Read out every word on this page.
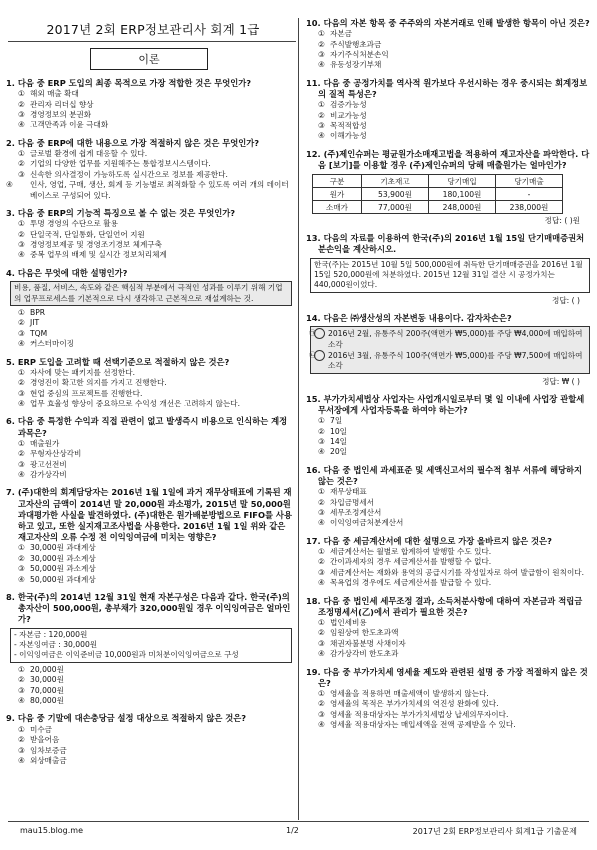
2017년 2회 ERP정보관리사 회계 1급
이론
1. 다음 중 ERP 도입의 최종 목적으로 가장 적합한 것은 무엇인가?
① 해외 매출 확대
② 관리자 리더십 향상
③ 경영정보의 분권화
④ 고객만족과 이윤 극대화
2. 다음 중 ERP에 대한 내용으로 가장 적절하지 않은 것은 무엇인가?
① 글로벌 환경에 쉽게 대응할 수 있다.
② 기업의 다양한 업무를 지원해주는 통합정보시스템이다.
③ 신속한 의사결정이 가능하도록 실시간으로 정보를 제공한다.
④ 인사, 영업, 구매, 생산, 회계 등 기능별로 최적화할 수 있도록 여러 개의 데이터베이스로 구성되어 있다.
3. 다음 중 ERP의 기능적 특징으로 볼 수 없는 것은 무엇인가?
① 투명 경영의 수단으로 활용
② 단일국적, 단일통화, 단일언어 지원
③ 경영정보제공 및 경영조기경보 체계구축
④ 중복 업무의 배제 및 실시간 정보처리체계
4. 다음은 무엇에 대한 설명인가?
비용, 품질, 서비스, 속도와 같은 핵심적 부분에서 극적인 성과를 이루기 위해 기업의 업무프로세스를 기본적으로 다시 생각하고 근본적으로 재설계하는 것.
① BPR
② JIT
③ TQM
④ 커스터마이징
5. ERP 도입을 고려할 때 선택기준으로 적절하지 않은 것은?
① 자사에 맞는 패키지를 선정한다.
② 경영진이 확고한 의지를 가지고 진행한다.
③ 현업 중심의 프로젝트를 진행한다.
④ 업무 효율성 향상이 중요하므로 수익성 개선은 고려하지 않는다.
6. 다음 중 특정한 수익과 직접 관련이 없고 발생즉시 비용으로 인식하는 계정과목은?
① 매출원가
② 무형자산상각비
③ 광고선전비
④ 감가상각비
7. (주)대한의 회계담당자는 2016년 1월 1일에 과거 재무상태표에 기록된 재고자산의 금액이 2014년 말 20,000원 과소평가, 2015년 말 50,000원 과대평가한 사실을 발견하였다. (주)대한은 원가배분방법으로 FIFO를 사용하고 있고, 또한 실지재고조사법을 사용한다. 2016년 1월 1일 위와 같은 재고자산의 오류 수정 전 이익잉여금에 미치는 영향은?
① 30,000원 과대계상
② 30,000원 과소계상
③ 50,000원 과소계상
④ 50,000원 과대계상
8. 한국(주)의 2014년 12월 31일 현재 자본구성은 다음과 같다. 한국(주)의 총자산이 500,000원, 총부채가 320,000원일 경우 이익잉여금은 얼마인가?
- 자본금 : 120,000원
- 자본잉여금 : 30,000원
- 이익잉여금은 이익준비금 10,000원과 미처분이익잉여금으로 구성
① 20,000원
② 30,000원
③ 70,000원
④ 80,000원
9. 다음 중 기말에 대손충당금 설정 대상으로 적절하지 않은 것은?
① 미수금
② 받을어음
③ 임차보증금
④ 외상매출금
10. 다음의 자본 항목 중 주주와의 자본거래로 인해 발생한 항목이 아닌 것은?
① 자본금
② 주식발행초과금
③ 자기주식처분손익
④ 유동성장기부채
11. 다음 중 공정가치를 역사적 원가보다 우선시하는 경우 중시되는 회계정보의 질적 특성은?
① 검증가능성
② 비교가능성
③ 목적적합성
④ 이해가능성
12. (주)제인슈퍼는 평균원가소매재고법을 적용하여 재고자산을 파악한다. 다음 [보기]를 이용할 경우 (주)제인슈퍼의 당해 매출원가는 얼마인가?
구분	기초재고	당기매입	당기매출
원가	53,900원	180,100원	-
소매가	77,000원	248,000원	238,000원
정답: ( )원
13. 다음의 자료를 이용하여 한국(주)의 2016년 1월 15일 단기매매증권처분손익을 계산하시오.
한국(주)는 2015년 10월 5일 500,000원에 취득한 단기매매증권을 2016년 1월 15일 520,000원에 처분하였다. 2015년 12월 31일 결산 시 공정가치는 440,000원이었다.
정답: ( )
14. 다음은 ㈜생산성의 자본변동 내용이다. 감자차손은?
㉠ 2016년 2월, 유통주식 200주(액면가 ₩5,000)를 주당 ₩4,000에 매입하여 소각
㉡ 2016년 3월, 유통주식 100주(액면가 ₩5,000)를 주당 ₩7,500에 매입하여 소각
정답: ₩ ( )
15. 부가가치세법상 사업자는 사업개시일로부터 몇 일 이내에 사업장 관할세무서장에게 사업자등록을 하여야 하는가?
① 7일
② 10일
③ 14일
④ 20일
16. 다음 중 법인세 과세표준 및 세액신고서의 필수적 첨부 서류에 해당하지 않는 것은?
① 재무상태표
② 차입금명세서
③ 세무조정계산서
④ 이익잉여금처분계산서
17. 다음 중 세금계산서에 대한 설명으로 가장 올바르지 않은 것은?
① 세금계산서는 월별로 합계하여 발행할 수도 있다.
② 간이과세자의 경우 세금계산서를 발행할 수 없다.
③ 세금계산서는 재화와 용역의 공급시기를 작성일자로 하여 발급함이 원칙이다.
④ 목욕업의 경우에도 세금계산서를 발급할 수 있다.
18. 다음 중 법인세 세무조정 결과, 소득처분사항에 대하여 자본금과 적립금조정명세서(乙)에서 관리가 필요한 것은?
① 법인세비용
② 임원상여 한도초과액
③ 채권자불분명 사채이자
④ 감가상각비 한도초과
19. 다음 중 부가가치세 영세율 제도와 관련된 설명 중 가장 적절하지 않은 것은?
① 영세율을 적용하면 매출세액이 발생하지 않는다.
② 영세율의 목적은 부가가치세의 역진성 완화에 있다.
③ 영세율 적용대상자는 부가가치세법상 납세의무자이다.
④ 영세율 적용대상자는 매입세액을 전액 공제받을 수 있다.
mau15.blog.me	1/2	2017년 2회 ERP정보관리사 회계1급 기출문제
